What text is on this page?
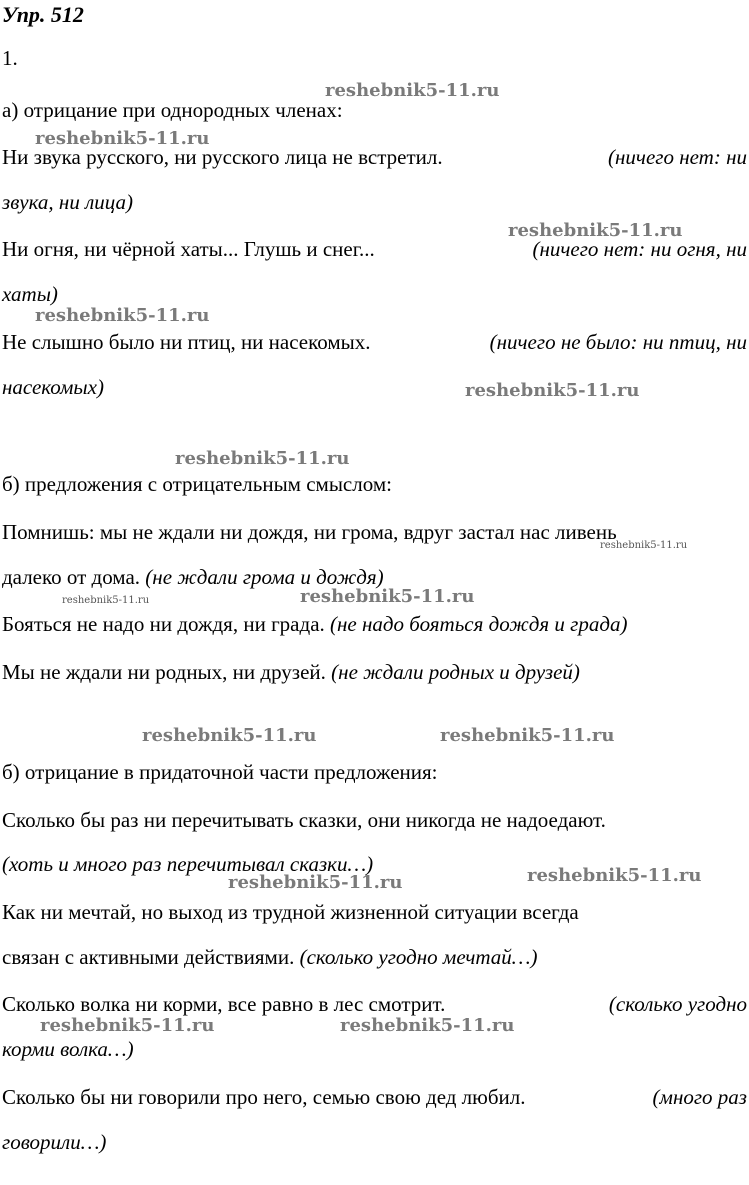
Упр. 512
1.
а) отрицание при однородных членах:
Ни звука русского, ни русского лица не встретил.	(ничего нет: ни
звука, ни лица)
Ни огня, ни чёрной хаты... Глушь и снег...	(ничего нет: ни огня, ни
хаты)
Не слышно было ни птиц, ни насекомых.	(ничего не было: ни птиц, ни
насекомых)
б) предложения с отрицательным смыслом:
Помнишь: мы не ждали ни дождя, ни грома, вдруг застал нас ливень
далеко от дома. (не ждали грома и дождя)
Бояться не надо ни дождя, ни града. (не надо бояться дождя и града)
Мы не ждали ни родных, ни друзей. (не ждали родных и друзей)
б) отрицание в придаточной части предложения:
Сколько бы раз ни перечитывать сказки, они никогда не надоедают.
(хоть и много раз перечитывал сказки…)
Как ни мечтай, но выход из трудной жизненной ситуации всегда
связан с активными действиями. (сколько угодно мечтай…)
Сколько волка ни корми, все равно в лес смотрит.	(сколько угодно
корми волка…)
Сколько бы ни говорили про него, семью свою дед любил.	(много раз
говорили…)
reshebnik5-11.ru
reshebnik5-11.ru
reshebnik5-11.ru
reshebnik5-11.ru
reshebnik5-11.ru
reshebnik5-11.ru
reshebnik5-11.ru
reshebnik5-11.ru	reshebnik5-11.ru
reshebnik5-11.ru	reshebnik5-11.ru
reshebnik5-11.ru	reshebnik5-11.ru
reshebnik5-11.ru	reshebnik5-11.ru
